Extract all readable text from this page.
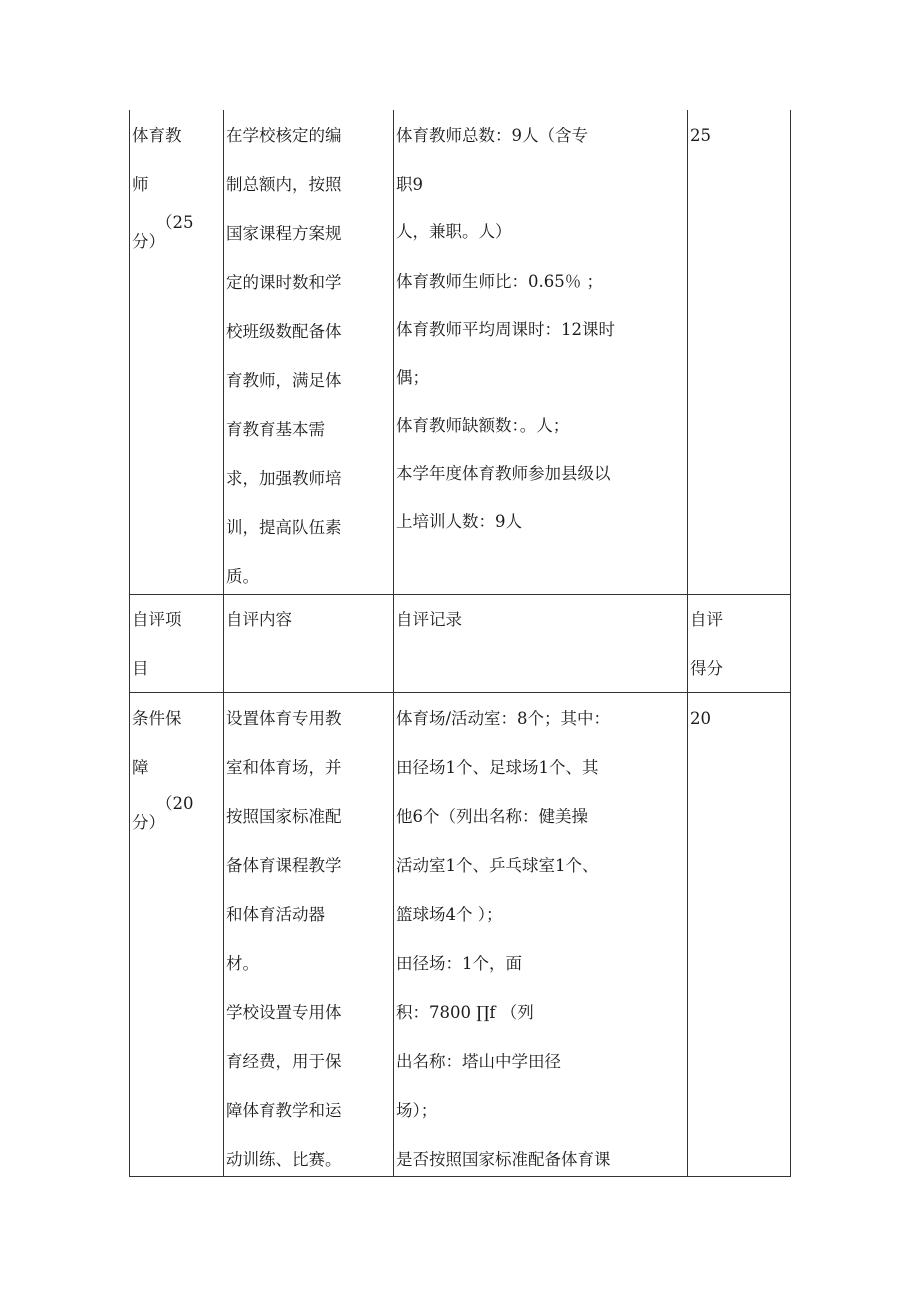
体育教
师
（25
分）
在学校核定的编
制总额内，按照
国家课程方案规
定的课时数和学
校班级数配备体
育教师，满足体
育教育基本需
求，加强教师培
训，提高队伍素
质。
体育教师总数：9人（含专
职9
人，兼职。人）
体育教师生师比：0.65％ ；
体育教师平均周课时：12课时
偶；
体育教师缺额数：。人；
本学年度体育教师参加县级以
上培训人数：9人
25
自评项
目
自评内容	自评记录	自评
得分
条件保
障
（20
分）
设置体育专用教
室和体育场，并
按照国家标准配
备体育课程教学
和体育活动器
材。
学校设置专用体
育经费，用于保
障体育教学和运
动训练、比赛。
体育场/活动室：8个；其中：
田径场1个、足球场1个、其
他6个（列出名称：健美操
活动室1个、乒乓球室1个、
篮球场4个 ）；
田径场：1个，面
积：7800 ∏f （列
出名称：塔山中学田径
场）；
是否按照国家标准配备体育课
20
